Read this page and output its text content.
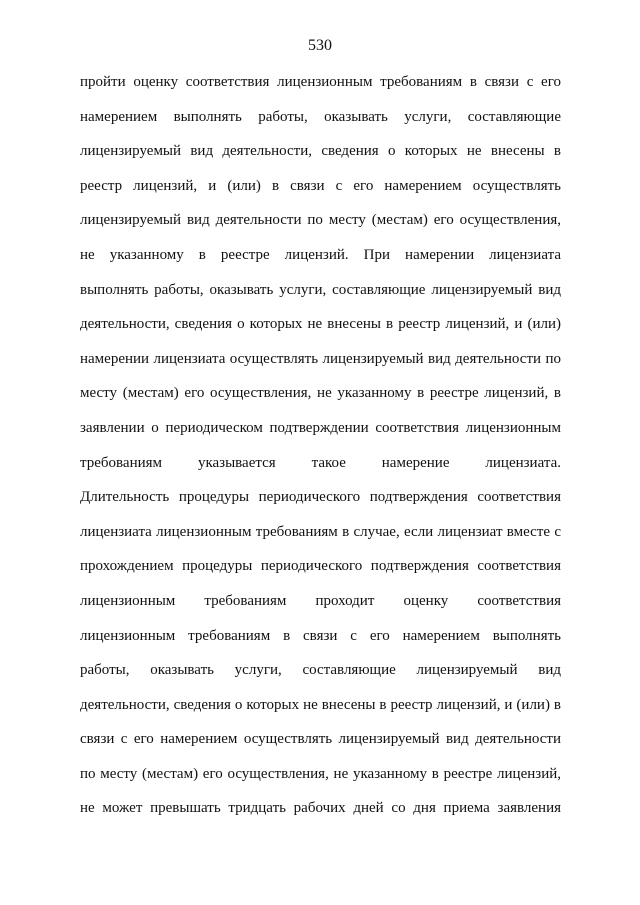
530
пройти оценку соответствия лицензионным требованиям в связи с его
намерением выполнять работы, оказывать услуги, составляющие
лицензируемый вид деятельности, сведения о которых не внесены в
реестр лицензий, и (или) в связи с его намерением осуществлять
лицензируемый вид деятельности по месту (местам) его осуществления,
не указанному в реестре лицензий. При намерении лицензиата
выполнять работы, оказывать услуги, составляющие лицензируемый вид
деятельности, сведения о которых не внесены в реестр лицензий, и (или)
намерении лицензиата осуществлять лицензируемый вид деятельности по
месту (местам) его осуществления, не указанному в реестре лицензий, в
заявлении о периодическом подтверждении соответствия лицензионным
требованиям указывается такое намерение лицензиата.
Длительность процедуры периодического подтверждения соответствия
лицензиата лицензионным требованиям в случае, если лицензиат вместе с
прохождением процедуры периодического подтверждения соответствия
лицензионным требованиям проходит оценку соответствия
лицензионным требованиям в связи с его намерением выполнять
работы, оказывать услуги, составляющие лицензируемый вид
деятельности, сведения о которых не внесены в реестр лицензий, и (или) в
связи с его намерением осуществлять лицензируемый вид деятельности
по месту (местам) его осуществления, не указанному в реестре лицензий,
не может превышать тридцать рабочих дней со дня приема заявления
